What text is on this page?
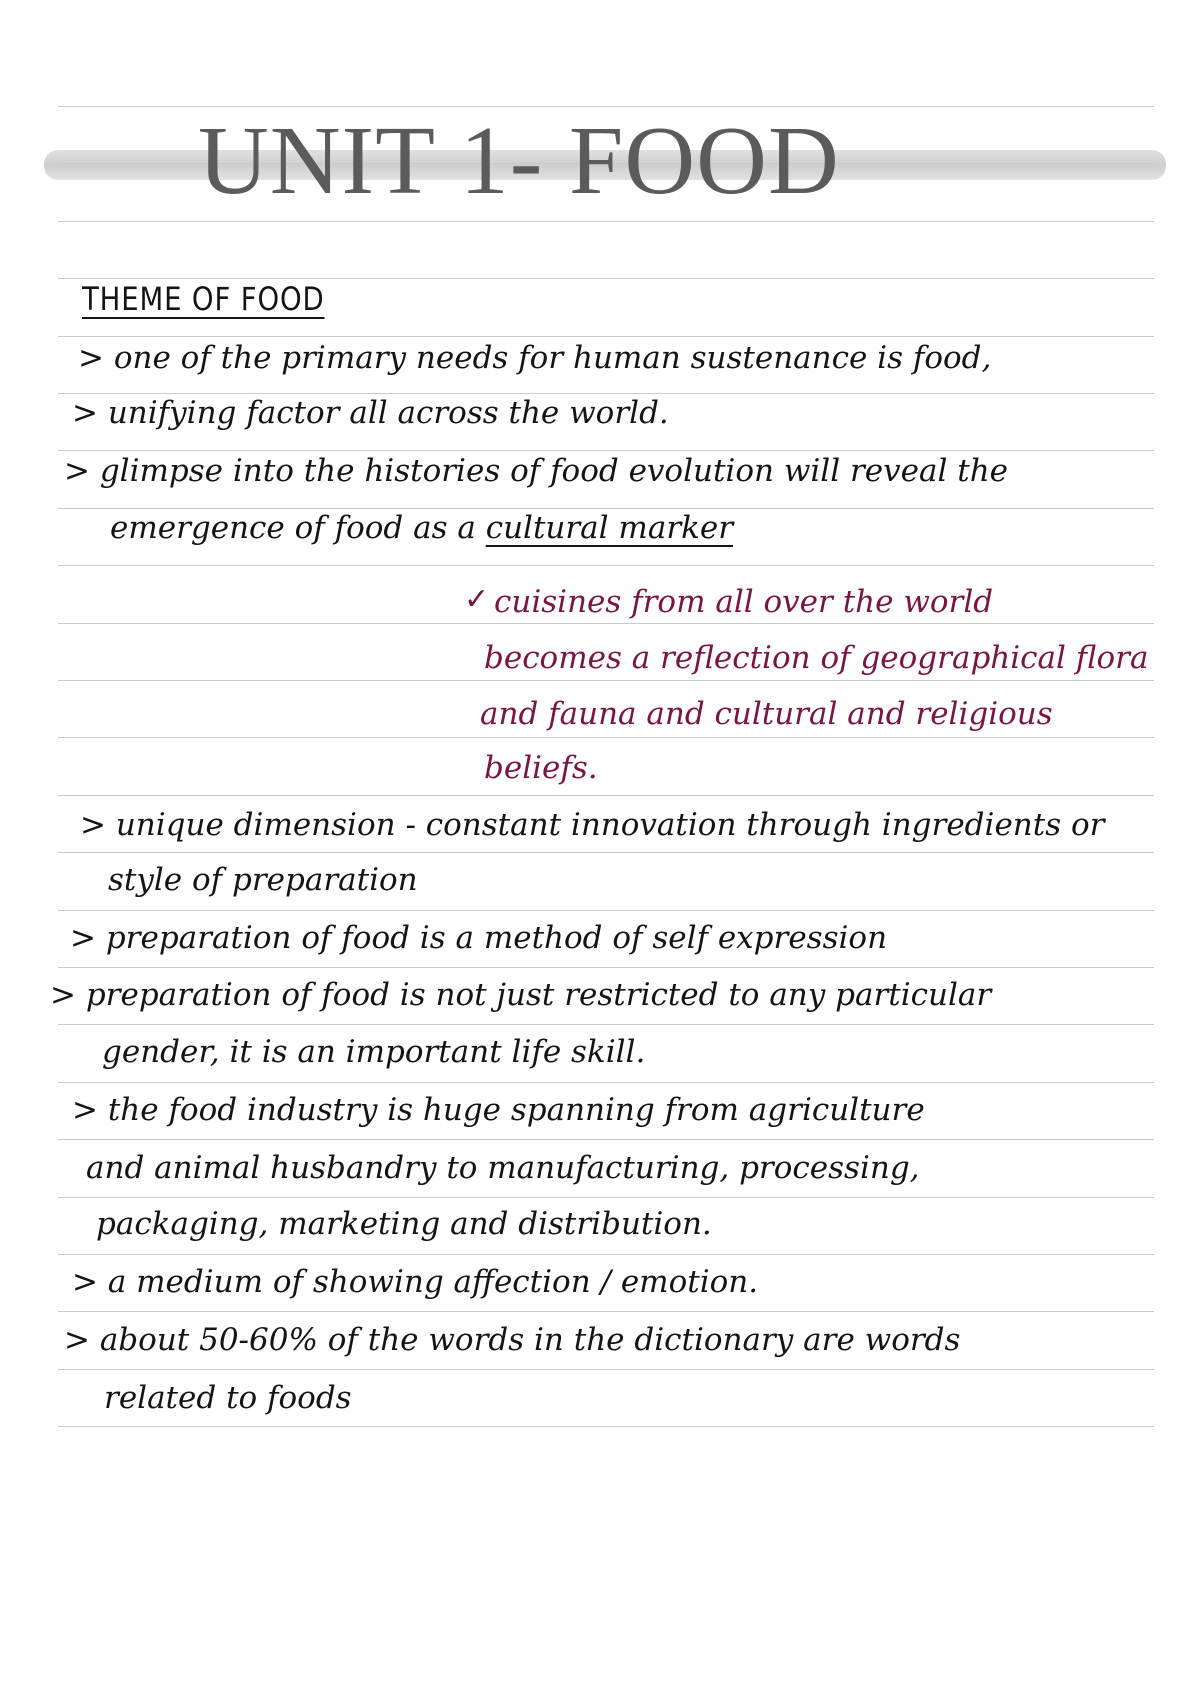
UNIT 1- FOOD
THEME OF FOOD
> one of the primary needs for human sustenance is food,
> unifying factor all across the world.
> glimpse into the histories of food evolution will reveal the
emergence of food as a cultural marker
✓ cuisines from all over the world
becomes a reflection of geographical flora
and fauna and cultural and religious
beliefs.
> unique dimension - constant innovation through ingredients or
style of preparation
> preparation of food is a method of self expression
> preparation of food is not just restricted to any particular
gender, it is an important life skill.
> the food industry is huge spanning from agriculture
and animal husbandry to manufacturing, processing,
packaging, marketing and distribution.
> a medium of showing affection / emotion.
> about 50-60% of the words in the dictionary are words
related to foods
